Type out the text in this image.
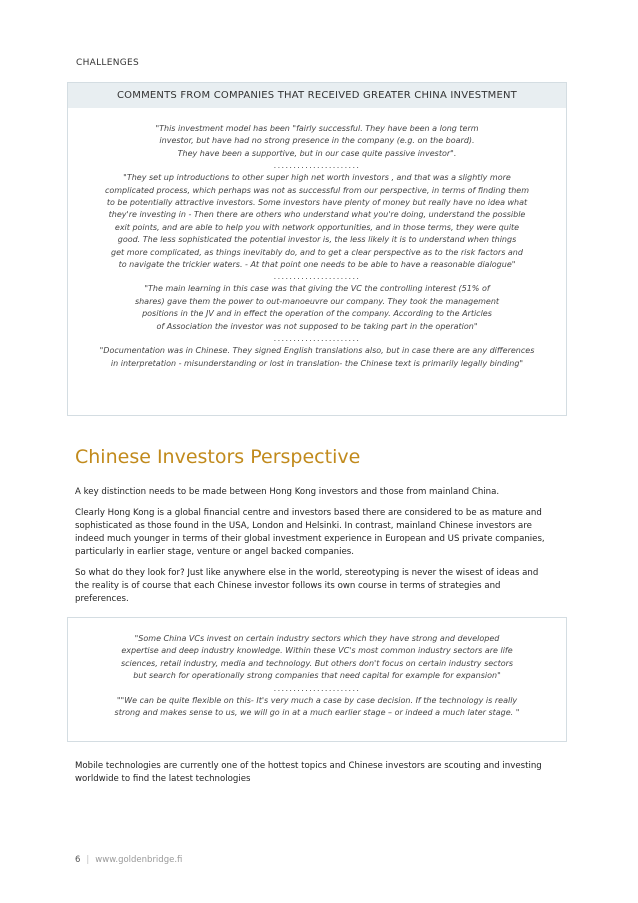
CHALLENGES
COMMENTS FROM COMPANIES THAT RECEIVED GREATER CHINA INVESTMENT

"This investment model has been "fairly successful. They have been a long term
investor, but have had no strong presence in the company (e.g. on the board).
They have been a supportive, but in our case quite passive investor".

......................

"They set up introductions to other super high net worth investors , and that was a slightly more
complicated process, which perhaps was not as successful from our perspective, in terms of finding them
to be potentially attractive investors. Some investors have plenty of money but really have no idea what
they're investing in - Then there are others who understand what you're doing, understand the possible
exit points, and are able to help you with network opportunities, and in those terms, they were quite
good. The less sophisticated the potential investor is, the less likely it is to understand when things
get more complicated, as things inevitably do, and to get a clear perspective as to the risk factors and
to navigate the trickier waters. - At that point one needs to be able to have a reasonable dialogue"

......................

"The main learning in this case was that giving the VC the controlling interest (51% of
shares) gave them the power to out-manoeuvre our company. They took the management
positions in the JV and in effect the operation of the company. According to the Articles
of Association the investor was not supposed to be taking part in the operation"

......................

"Documentation was in Chinese. They signed English translations also, but in case there are any differences
in interpretation - misunderstanding or lost in translation- the Chinese text is primarily legally binding"

Chinese Investors Perspective

A key distinction needs to be made between Hong Kong investors and those from mainland China.

Clearly Hong Kong is a global financial centre and investors based there are considered to be as mature and sophisticated as those found in the USA, London and Helsinki. In contrast, mainland Chinese investors are indeed much younger in terms of their global investment experience in European and US private companies, particularly in earlier stage, venture or angel backed companies.

So what do they look for? Just like anywhere else in the world, stereotyping is never the wisest of ideas and the reality is of course that each Chinese investor follows its own course in terms of strategies and preferences.

"Some China VCs invest on certain industry sectors which they have strong and developed
expertise and deep industry knowledge. Within these VC's most common industry sectors are life
sciences, retail industry, media and technology. But others don't focus on certain industry sectors
but search for operationally strong companies that need capital for example for expansion"

......................

""We can be quite flexible on this- It's very much a case by case decision. If the technology is really
strong and makes sense to us, we will go in at a much earlier stage – or indeed a much later stage. "

Mobile technologies are currently one of the hottest topics and Chinese investors are scouting and investing worldwide to find the latest technologies

6 | www.goldenbridge.fi
